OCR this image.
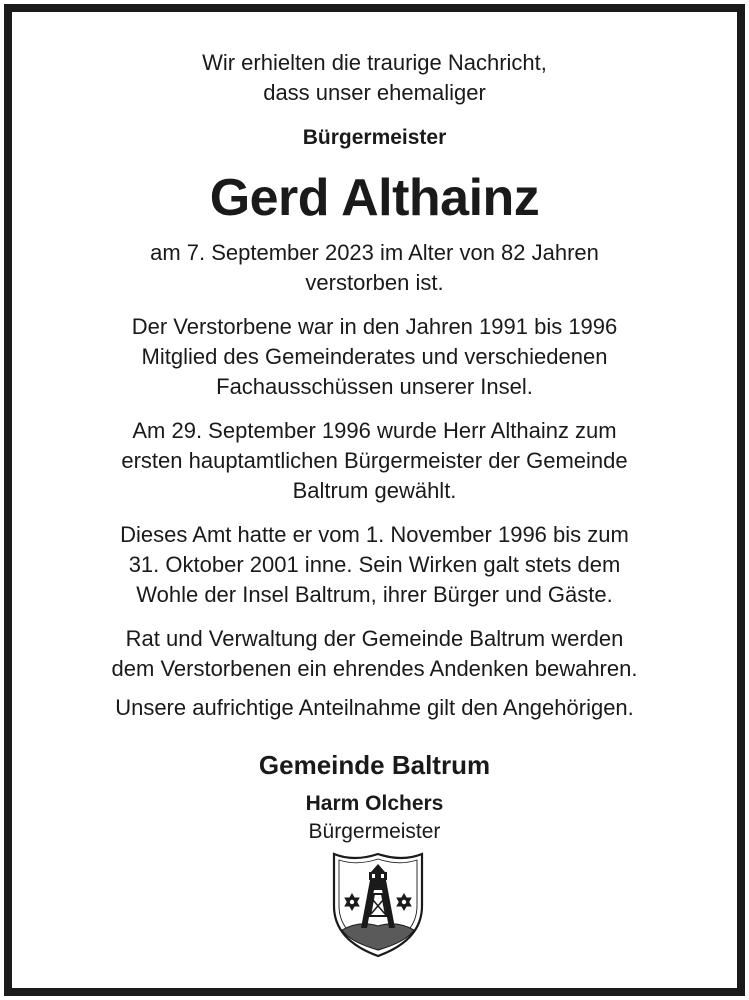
Wir erhielten die traurige Nachricht,
dass unser ehemaliger
Bürgermeister
Gerd Althainz
am 7. September 2023 im Alter von 82 Jahren
verstorben ist.
Der Verstorbene war in den Jahren 1991 bis 1996
Mitglied des Gemeinderates und verschiedenen
Fachausschüssen unserer Insel.
Am 29. September 1996 wurde Herr Althainz zum
ersten hauptamtlichen Bürgermeister der Gemeinde
Baltrum gewählt.
Dieses Amt hatte er vom 1. November 1996 bis zum
31. Oktober 2001 inne. Sein Wirken galt stets dem
Wohle der Insel Baltrum, ihrer Bürger und Gäste.
Rat und Verwaltung der Gemeinde Baltrum werden
dem Verstorbenen ein ehrendes Andenken bewahren.
Unsere aufrichtige Anteilnahme gilt den Angehörigen.
Gemeinde Baltrum
Harm Olchers
Bürgermeister
